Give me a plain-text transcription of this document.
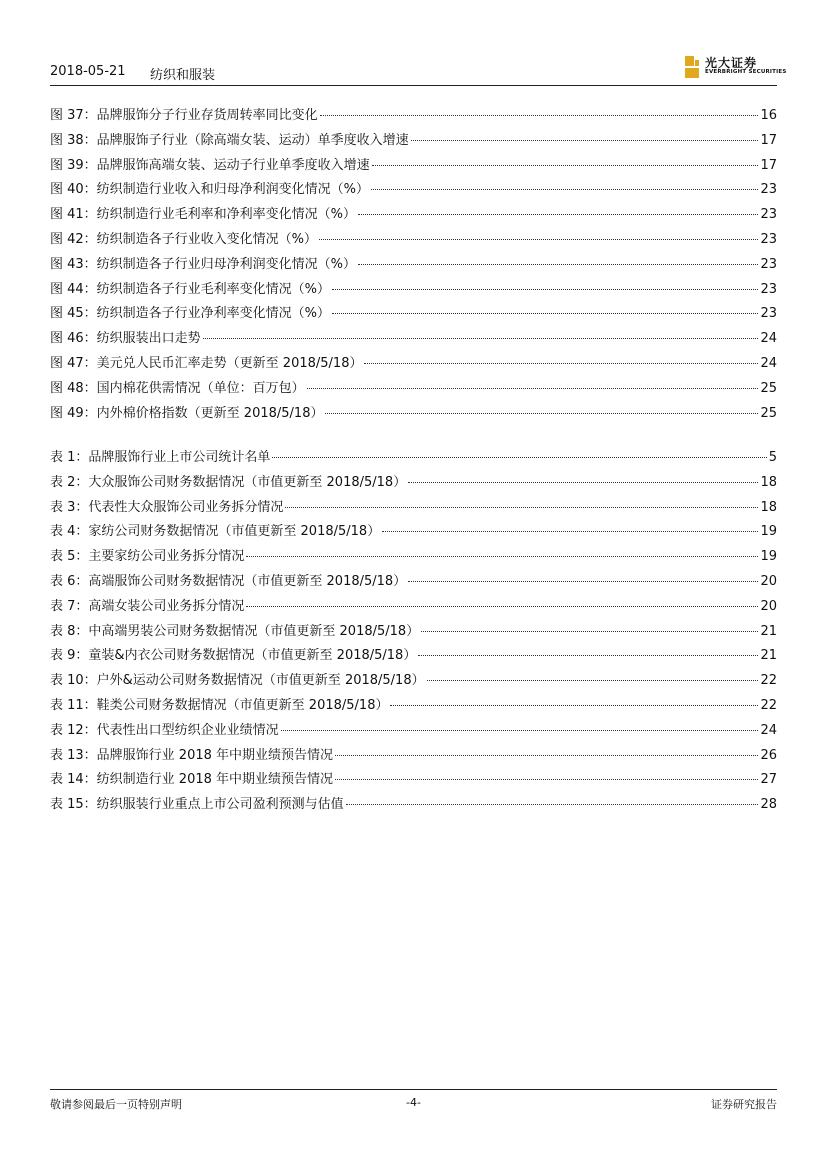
2018-05-21 纺织和服装
光大证券
EVERBRIGHT SECURITIES
图 37：品牌服饰分子行业存货周转率同比变化	16
图 38：品牌服饰子行业（除高端女装、运动）单季度收入增速	17
图 39：品牌服饰高端女装、运动子行业单季度收入增速	17
图 40：纺织制造行业收入和归母净利润变化情况（%）	23
图 41：纺织制造行业毛利率和净利率变化情况（%）	23
图 42：纺织制造各子行业收入变化情况（%）	23
图 43：纺织制造各子行业归母净利润变化情况（%）	23
图 44：纺织制造各子行业毛利率变化情况（%）	23
图 45：纺织制造各子行业净利率变化情况（%）	23
图 46：纺织服装出口走势	24
图 47：美元兑人民币汇率走势（更新至 2018/5/18）	24
图 48：国内棉花供需情况（单位：百万包）	25
图 49：内外棉价格指数（更新至 2018/5/18）	25
表 1：品牌服饰行业上市公司统计名单	5
表 2：大众服饰公司财务数据情况（市值更新至 2018/5/18）	18
表 3：代表性大众服饰公司业务拆分情况	18
表 4：家纺公司财务数据情况（市值更新至 2018/5/18）	19
表 5：主要家纺公司业务拆分情况	19
表 6：高端服饰公司财务数据情况（市值更新至 2018/5/18）	20
表 7：高端女装公司业务拆分情况	20
表 8：中高端男装公司财务数据情况（市值更新至 2018/5/18）	21
表 9：童装&内衣公司财务数据情况（市值更新至 2018/5/18）	21
表 10：户外&运动公司财务数据情况（市值更新至 2018/5/18）	22
表 11：鞋类公司财务数据情况（市值更新至 2018/5/18）	22
表 12：代表性出口型纺织企业业绩情况	24
表 13：品牌服饰行业 2018 年中期业绩预告情况	26
表 14：纺织制造行业 2018 年中期业绩预告情况	27
表 15：纺织服装行业重点上市公司盈利预测与估值	28
敬请参阅最后一页特别声明	-4-	证券研究报告
